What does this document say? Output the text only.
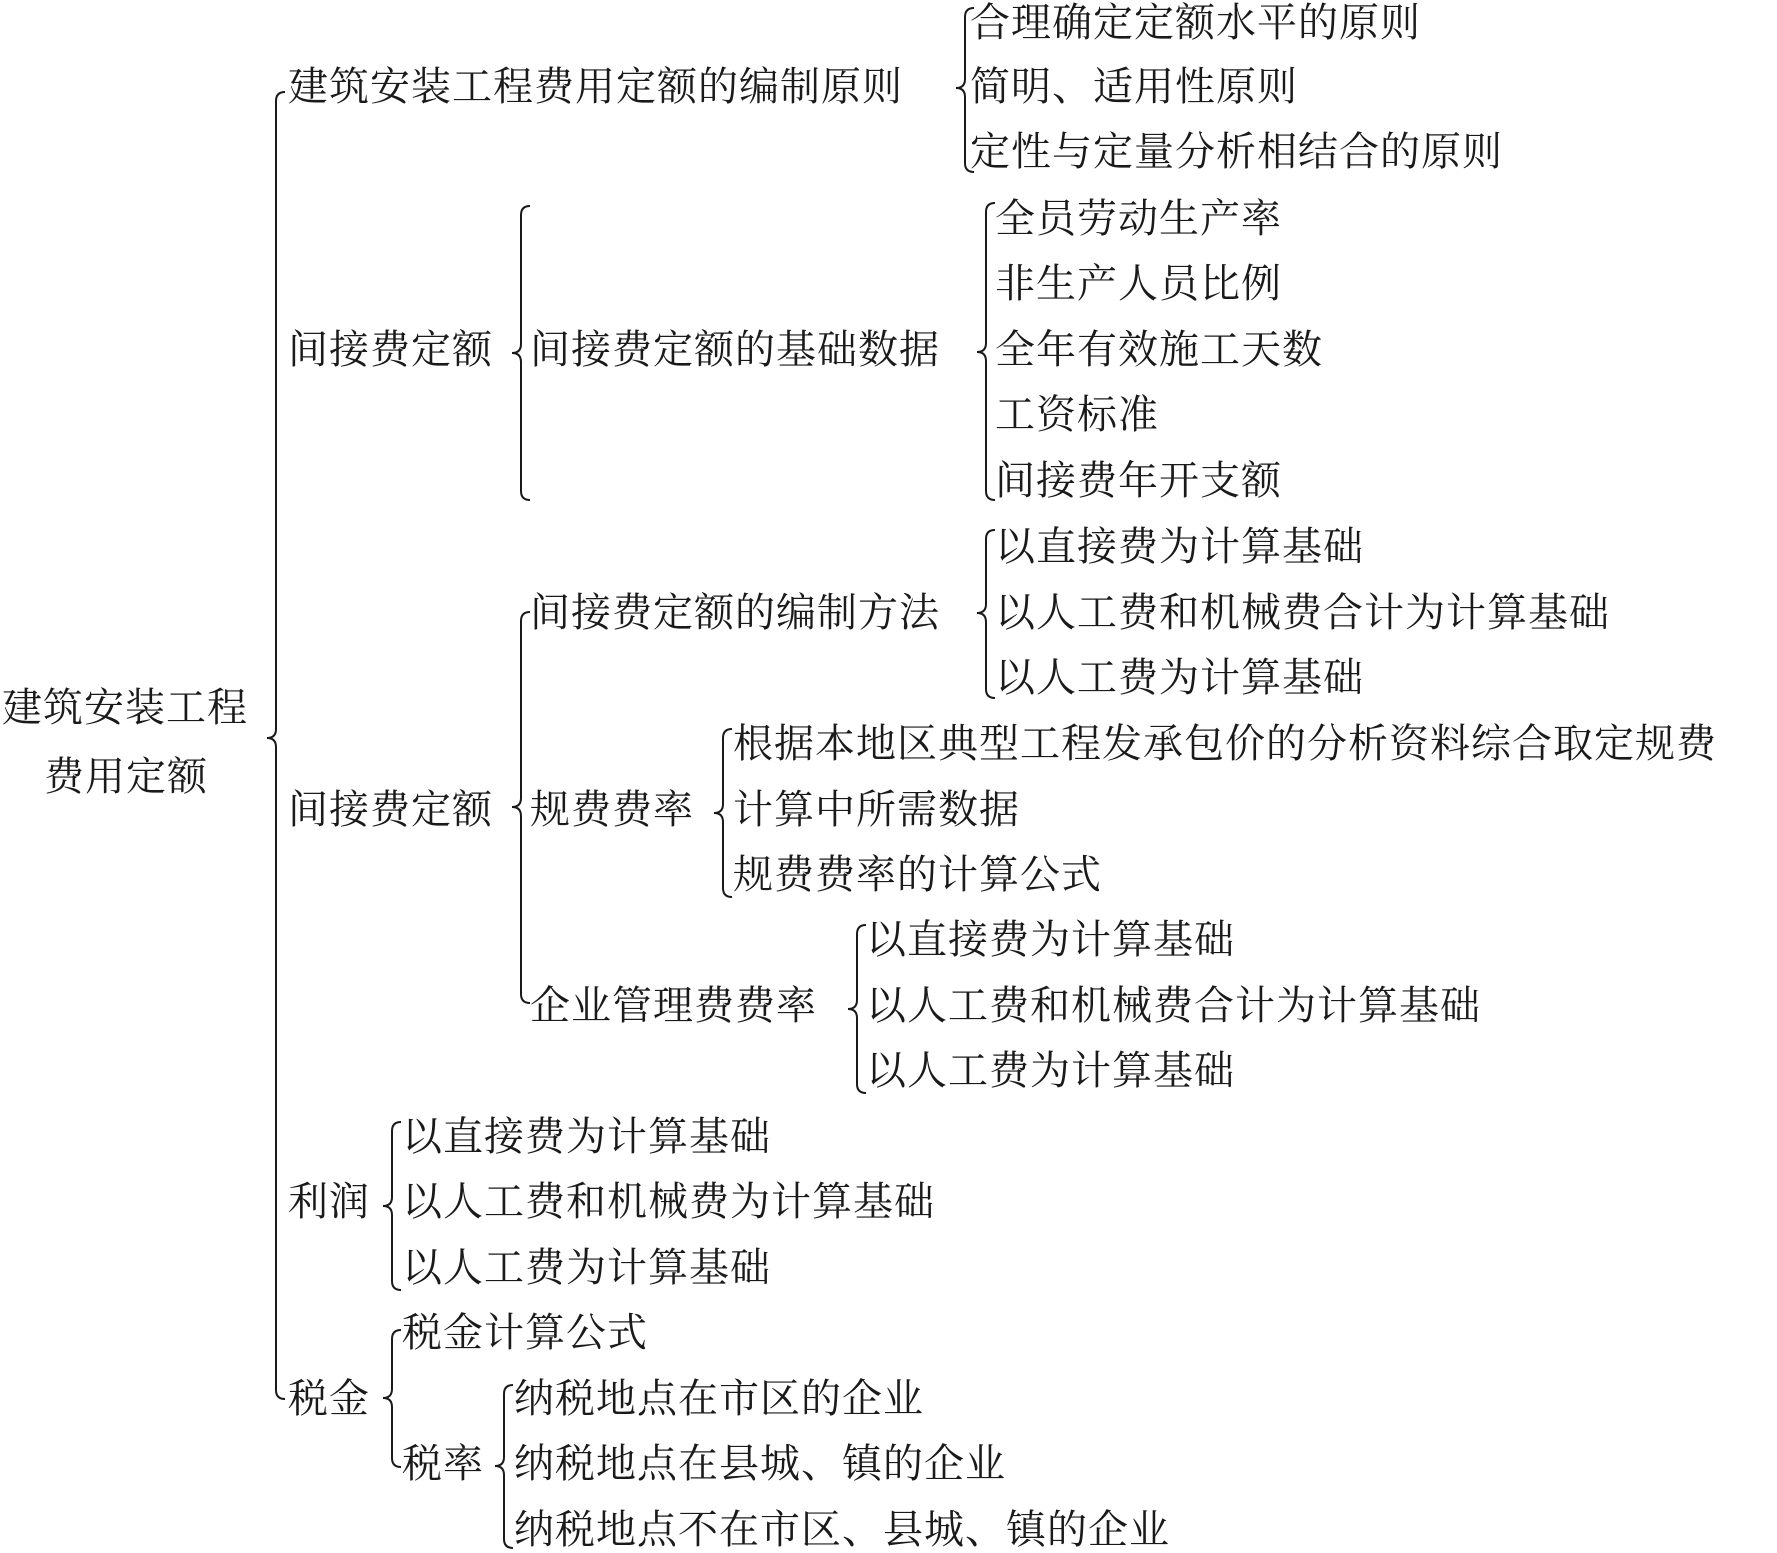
建筑安装工程
费用定额
建筑安装工程费用定额的编制原则
合理确定定额水平的原则
简明、适用性原则
定性与定量分析相结合的原则
间接费定额 间接费定额的基础数据
全员劳动生产率
非生产人员比例
全年有效施工天数
工资标准
间接费年开支额
间接费定额
间接费定额的编制方法
以直接费为计算基础
以人工费和机械费合计为计算基础
以人工费为计算基础
规费费率
根据本地区典型工程发承包价的分析资料综合取定规费
计算中所需数据
规费费率的计算公式
企业管理费费率
以直接费为计算基础
以人工费和机械费合计为计算基础
以人工费为计算基础
利润
以直接费为计算基础
以人工费和机械费为计算基础
以人工费为计算基础
税金
税金计算公式
税率
纳税地点在市区的企业
纳税地点在县城、镇的企业
纳税地点不在市区、县城、镇的企业
